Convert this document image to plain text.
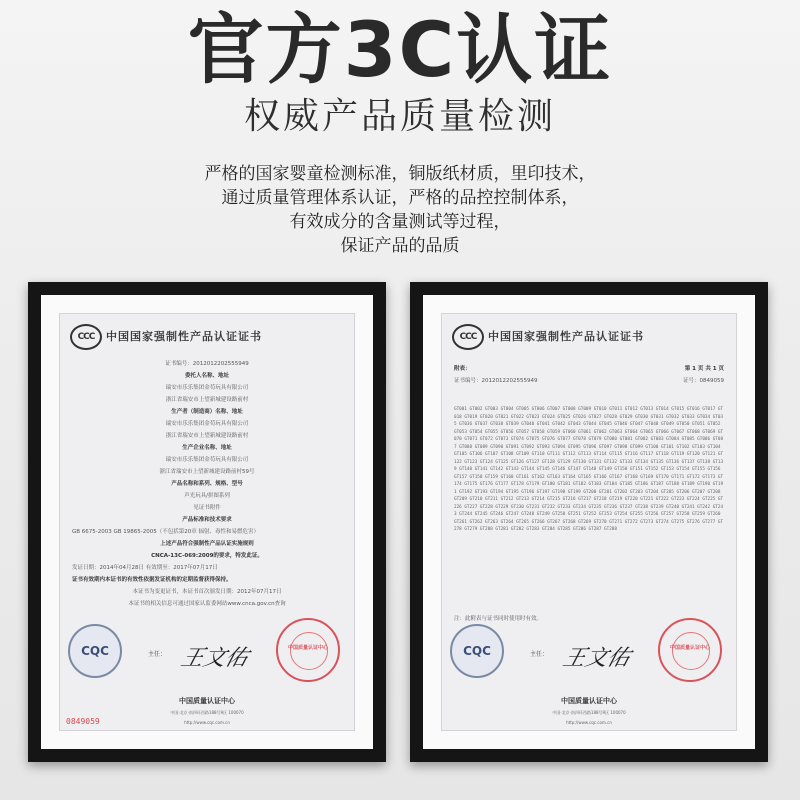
官方3C认证
权威产品质量检测
严格的国家婴童检测标准，铜版纸材质，里印技术，
通过质量管理体系认证，严格的品控控制体系，
有效成分的含量测试等过程，
保证产品的品质
CCC	中国国家强制性产品认证证书
证书编号：2012012202555949
委托人名称、地址
瑞安市乐乐集团金苟玩具有限公司
浙江省瑞安市上望新城建设路前村
生产者（制造商）名称、地址
瑞安市乐乐集团金苟玩具有限公司
浙江省瑞安市上望新城建设路前村
生产企业名称、地址
瑞安市乐乐集团金苟玩具有限公司
浙江省瑞安市上望新城建设路前村59号
产品名称和系列、规格、型号
声光玩具/拼图系列
见证书附件
产品标准和技术要求
GB 6675-2003 GB 19865-2005（不包括第20章 辐射、毒性和易燃危害）
上述产品符合强制性产品认证实施规则
CNCA-13C-069:2009的要求，特发此证。
发证日期：2014年04月28日 有效期至：2017年07月17日
证书有效期内本证书的有效性依据发证机构的定期监督获得保持。
本证书为变更证书，本证书首次颁发日期：2012年07月17日
本证书的相关信息可通过国家认监委网站www.cnca.gov.cn查询
CQC	主任： 王文佑	中国质量认证中心
中国质量认证中心
中国·北京·南四环西路188号9区 100070
http://www.cqc.com.cn
0849059
CCC	中国国家强制性产品认证证书
附表：	第 1 页 共 1 页
证书编号：2012012202555949	证号：0849059
GT001 GT002 GT003 GT004 GT005 GT006 GT007 GT008 GT009 GT010 GT011 GT012 GT013 GT014 GT015 GT016 GT017 GT018 GT019 GT020 GT021 GT022 GT023 GT024 GT025 GT026 GT027 GT028 GT029 GT030 GT031 GT032 GT033 GT034 GT035 GT036 GT037 GT038 GT039 GT040 GT041 GT042 GT043 GT044 GT045 GT046 GT047 GT048 GT049 GT050 GT051 GT052 GT053 GT054 GT055 GT056 GT057 GT058 GT059 GT060 GT061 GT062 GT063 GT064 GT065 GT066 GT067 GT068 GT069 GT070 GT071 GT072 GT073 GT074 GT075 GT076 GT077 GT078 GT079 GT080 GT081 GT082 GT083 GT084 GT085 GT086 GT087 GT088 GT089 GT090 GT091 GT092 GT093 GT094 GT095 GT096 GT097 GT098 GT099 GT100 GT101 GT102 GT103 GT104 GT105 GT106 GT107 GT108 GT109 GT110 GT111 GT112 GT113 GT114 GT115 GT116 GT117 GT118 GT119 GT120 GT121 GT122 GT123 GT124 GT125 GT126 GT127 GT128 GT129 GT130 GT131 GT132 GT133 GT134 GT135 GT136 GT137 GT138 GT139 GT140 GT141 GT142 GT143 GT144 GT145 GT146 GT147 GT148 GT149 GT150 GT151 GT152 GT153 GT154 GT155 GT156 GT157 GT158 GT159 GT160 GT161 GT162 GT163 GT164 GT165 GT166 GT167 GT168 GT169 GT170 GT171 GT172 GT173 GT174 GT175 GT176 GT177 GT178 GT179 GT180 GT181 GT182 GT183 GT184 GT185 GT186 GT187 GT188 GT189 GT190 GT191 GT192 GT193 GT194 GT195 GT196 GT197 GT198 GT199 GT200 GT201 GT202 GT203 GT204 GT205 GT206 GT207 GT208 GT209 GT210 GT211 GT212 GT213 GT214 GT215 GT216 GT217 GT218 GT219 GT220 GT221 GT222 GT223 GT224 GT225 GT226 GT227 GT228 GT229 GT230 GT231 GT232 GT233 GT234 GT235 GT236 GT237 GT238 GT239 GT240 GT241 GT242 GT243 GT244 GT245 GT246 GT247 GT248 GT249 GT250 GT251 GT252 GT253 GT254 GT255 GT256 GT257 GT258 GT259 GT260 GT261 GT262 GT263 GT264 GT265 GT266 GT267 GT268 GT269 GT270 GT271 GT272 GT273 GT274 GT275 GT276 GT277 GT278 GT279 GT280 GT281 GT282 GT283 GT284 GT285 GT286 GT287 GT288
注：此附表与证书同时使用时有效。
CQC	主任： 王文佑	中国质量认证中心
中国质量认证中心
中国·北京·南四环西路188号9区 100070
http://www.cqc.com.cn
